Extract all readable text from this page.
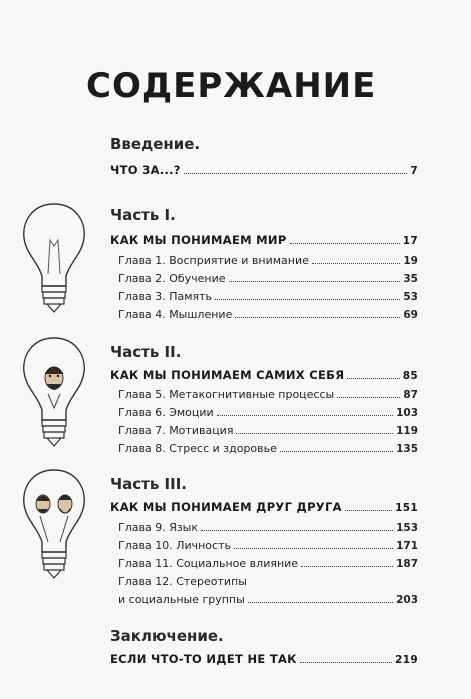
СОДЕРЖАНИЕ
Введение.
ЧТО ЗА...?	7
Часть I.
КАК МЫ ПОНИМАЕМ МИР	17
Глава 1. Восприятие и внимание	19
Глава 2. Обучение	35
Глава 3. Память	53
Глава 4. Мышление	69
Часть II.
КАК МЫ ПОНИМАЕМ САМИХ СЕБЯ	85
Глава 5. Метакогнитивные процессы	87
Глава 6. Эмоции	103
Глава 7. Мотивация	119
Глава 8. Стресс и здоровье	135
Часть III.
КАК МЫ ПОНИМАЕМ ДРУГ ДРУГА	151
Глава 9. Язык	153
Глава 10. Личность	171
Глава 11. Социальное влияние	187
Глава 12. Стереотипы
и социальные группы	203
Заключение.
ЕСЛИ ЧТО-ТО ИДЕТ НЕ ТАК	219
